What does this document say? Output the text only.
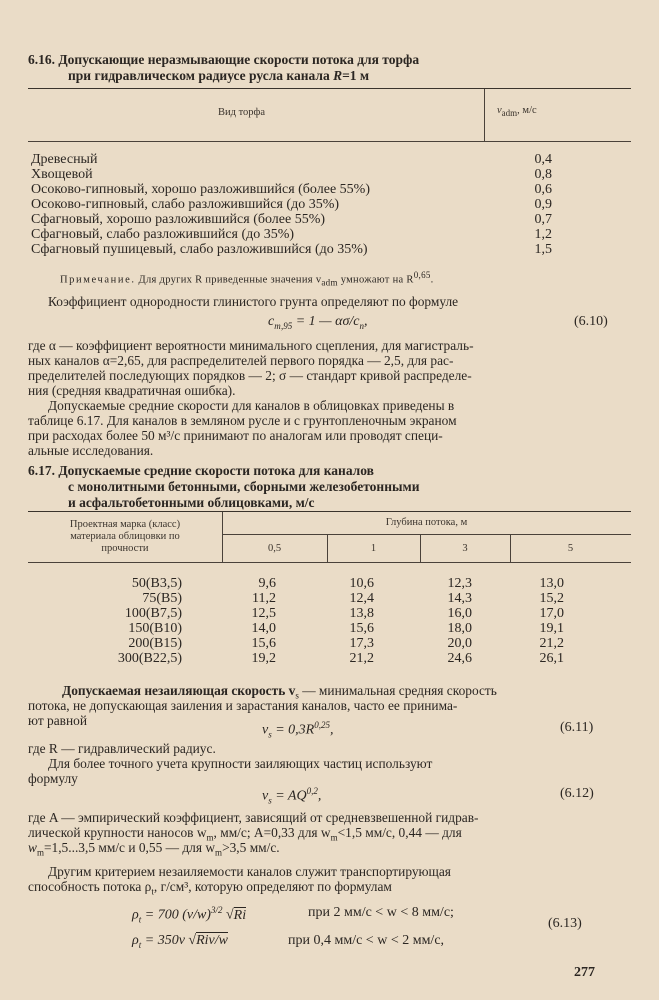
6.16. Допускающие неразмывающие скорости потока для торфа
при гидравлическом радиусе русла канала R=1 м
Вид торфа	$v_{adm}$, м/с
Древесный	0,4
Хвощевой	0,8
Осоково-гипновый, хорошо разложившийся (более 55%)	0,6
Осоково-гипновый, слабо разложившийся (до 35%)	0,9
Сфагновый, хорошо разложившийся (более 55%)	0,7
Сфагновый, слабо разложившийся (до 35%)	1,2
Сфагновый пушицевый, слабо разложившийся (до 35%)	1,5
Примечание. Для других R приведенные значения $v_{adm}$ умножают на R$^{0,65}$.
Коэффициент однородности глинистого грунта определяют по формуле
$c_{т,95} = 1$ — $\alpha\sigma/c_п$,	(6.10)
где α — коэффициент вероятности минимального сцепления, для магистраль-
ных каналов α=2,65, для распределителей первого порядка — 2,5, для рас-
пределителей последующих порядков — 2; σ — стандарт кривой распределе-
ния (средняя квадратичная ошибка).
Допускаемые средние скорости для каналов в облицовках приведены в
таблице 6.17. Для каналов в земляном русле и с грунтопленочным экраном
при расходах более 50 м³/с принимают по аналогам или проводят специ-
альные исследования.
6.17. Допускаемые средние скорости потока для каналов
с монолитными бетонными, сборными железобетонными
и асфальтобетонными облицовками, м/с
Проектная марка (класс)
материала облицовки по
прочности
Глубина потока, м
0,5	1	3	5
50(B3,5)	9,6	10,6	12,3	13,0
75(B5)	11,2	12,4	14,3	15,2
100(B7,5)	12,5	13,8	16,0	17,0
150(B10)	14,0	15,6	18,0	19,1
200(B15)	15,6	17,3	20,0	21,2
300(B22,5)	19,2	21,2	24,6	26,1
Допускаемая незаиляющая скорость $v_s$ — минимальная средняя скорость
потока, не допускающая заиления и зарастания каналов, часто ее принима-
ют равной
$v_s = 0,3R^{0,25}$,	(6.11)
где R — гидравлический радиус.
Для более точного учета крупности заиляющих частиц используют
формулу
$v_s = AQ^{0,2}$,	(6.12)
где A — эмпирический коэффициент, зависящий от средневзвешенной гидрав-
лической крупности наносов $w_m$, мм/с; A=0,33 для $w_m<1,5$ мм/с, 0,44 — для
$w_m=1,5...3,5$ мм/с и 0,55 — для $w_m>3,5$ мм/с.
Другим критерием незаиляемости каналов служит транспортирующая
способность потока $\rho_t$, г/см³, которую определяют по формулам
$\rho_t = 700$ $(v/w)^{3/2}$ √Ri	при 2 мм/с < w < 8 мм/с;
(6.13)
$\rho_t = 350v$ √Riv/w	при 0,4 мм/с < w < 2 мм/с,
277
